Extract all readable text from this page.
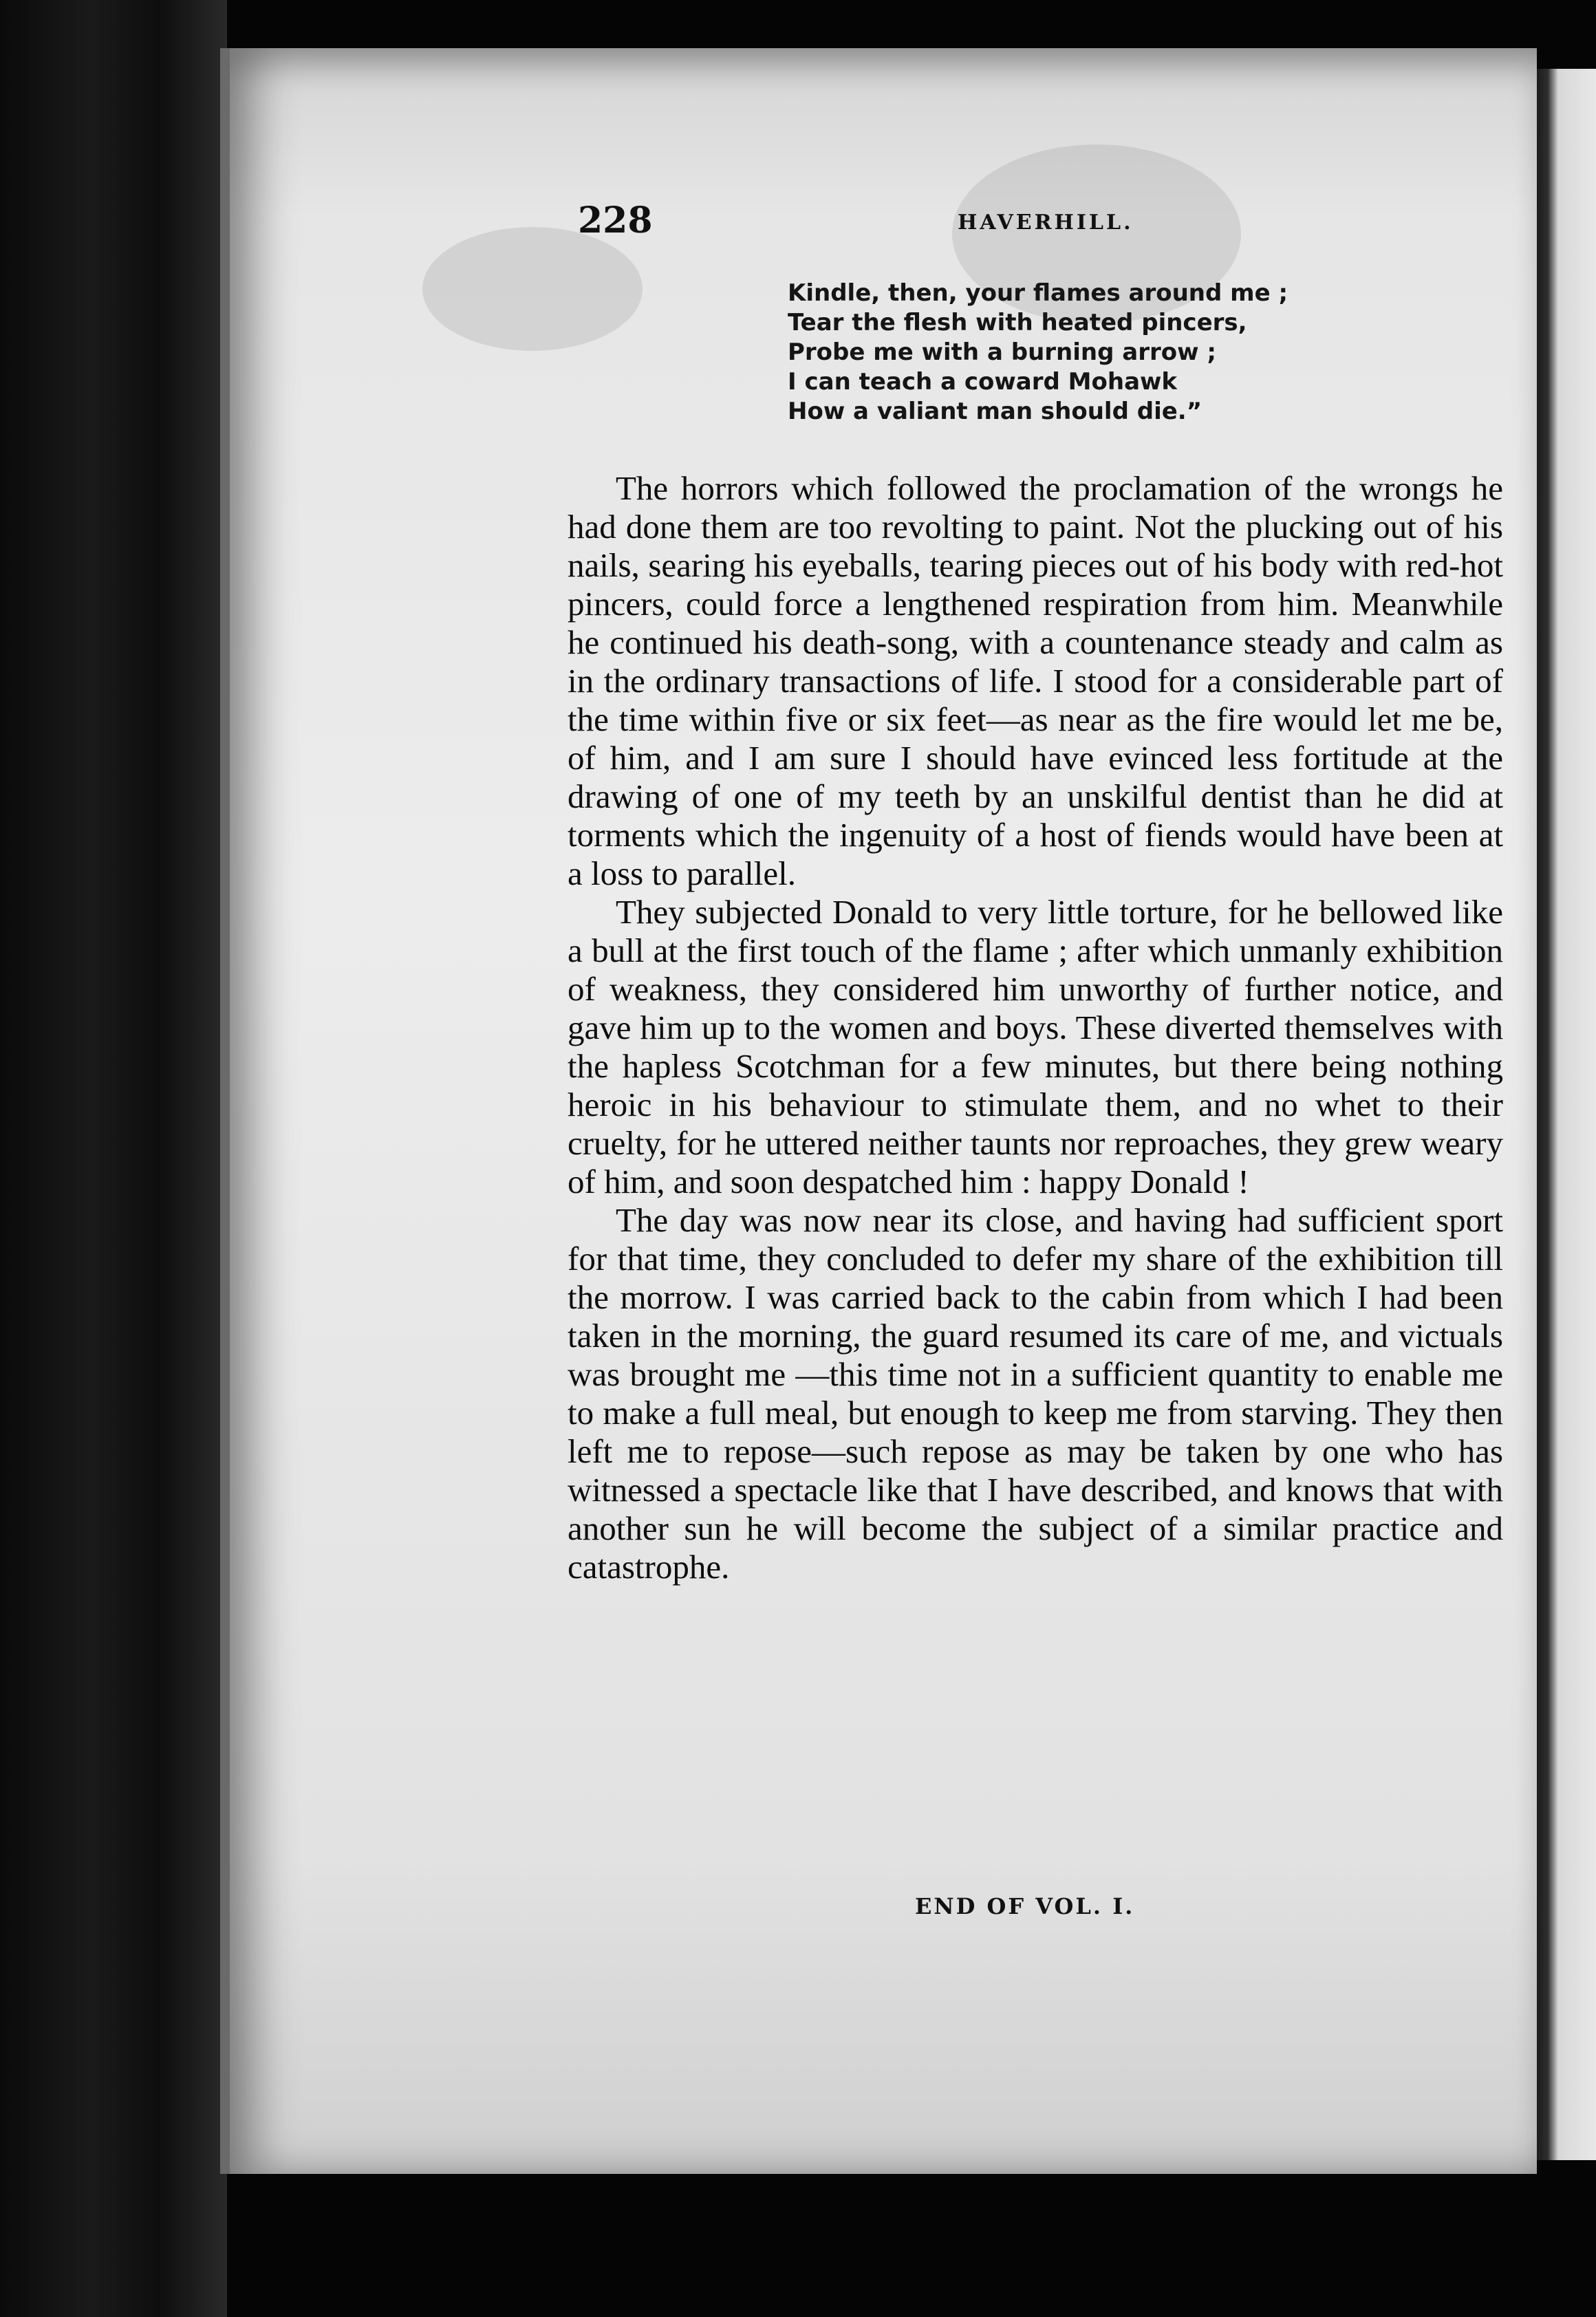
228	HAVERHILL.
Kindle, then, your flames around me ;
Tear the flesh with heated pincers,
Probe me with a burning arrow ;
I can teach a coward Mohawk
How a valiant man should die.”

The horrors which followed the proclamation of the wrongs he had done them are too revolting to paint. Not the plucking out of his nails, searing his eyeballs, tearing pieces out of his body with red-hot pincers, could force a lengthened respiration from him. Meanwhile he continued his death-song, with a countenance steady and calm as in the ordinary transactions of life. I stood for a considerable part of the time within five or six feet—as near as the fire would let me be, of him, and I am sure I should have evinced less fortitude at the drawing of one of my teeth by an unskilful dentist than he did at torments which the ingenuity of a host of fiends would have been at a loss to parallel.

They subjected Donald to very little torture, for he bellowed like a bull at the first touch of the flame ; after which unmanly exhibition of weakness, they considered him unworthy of further notice, and gave him up to the women and boys. These diverted themselves with the hapless Scotchman for a few minutes, but there being nothing heroic in his behaviour to stimulate them, and no whet to their cruelty, for he uttered neither taunts nor reproaches, they grew weary of him, and soon despatched him : happy Donald !

The day was now near its close, and having had sufficient sport for that time, they concluded to defer my share of the exhibition till the morrow. I was carried back to the cabin from which I had been taken in the morning, the guard resumed its care of me, and victuals was brought me —this time not in a sufficient quantity to enable me to make a full meal, but enough to keep me from starving. They then left me to repose—such repose as may be taken by one who has witnessed a spectacle like that I have described, and knows that with another sun he will become the subject of a similar practice and catastrophe.

END OF VOL. I.
